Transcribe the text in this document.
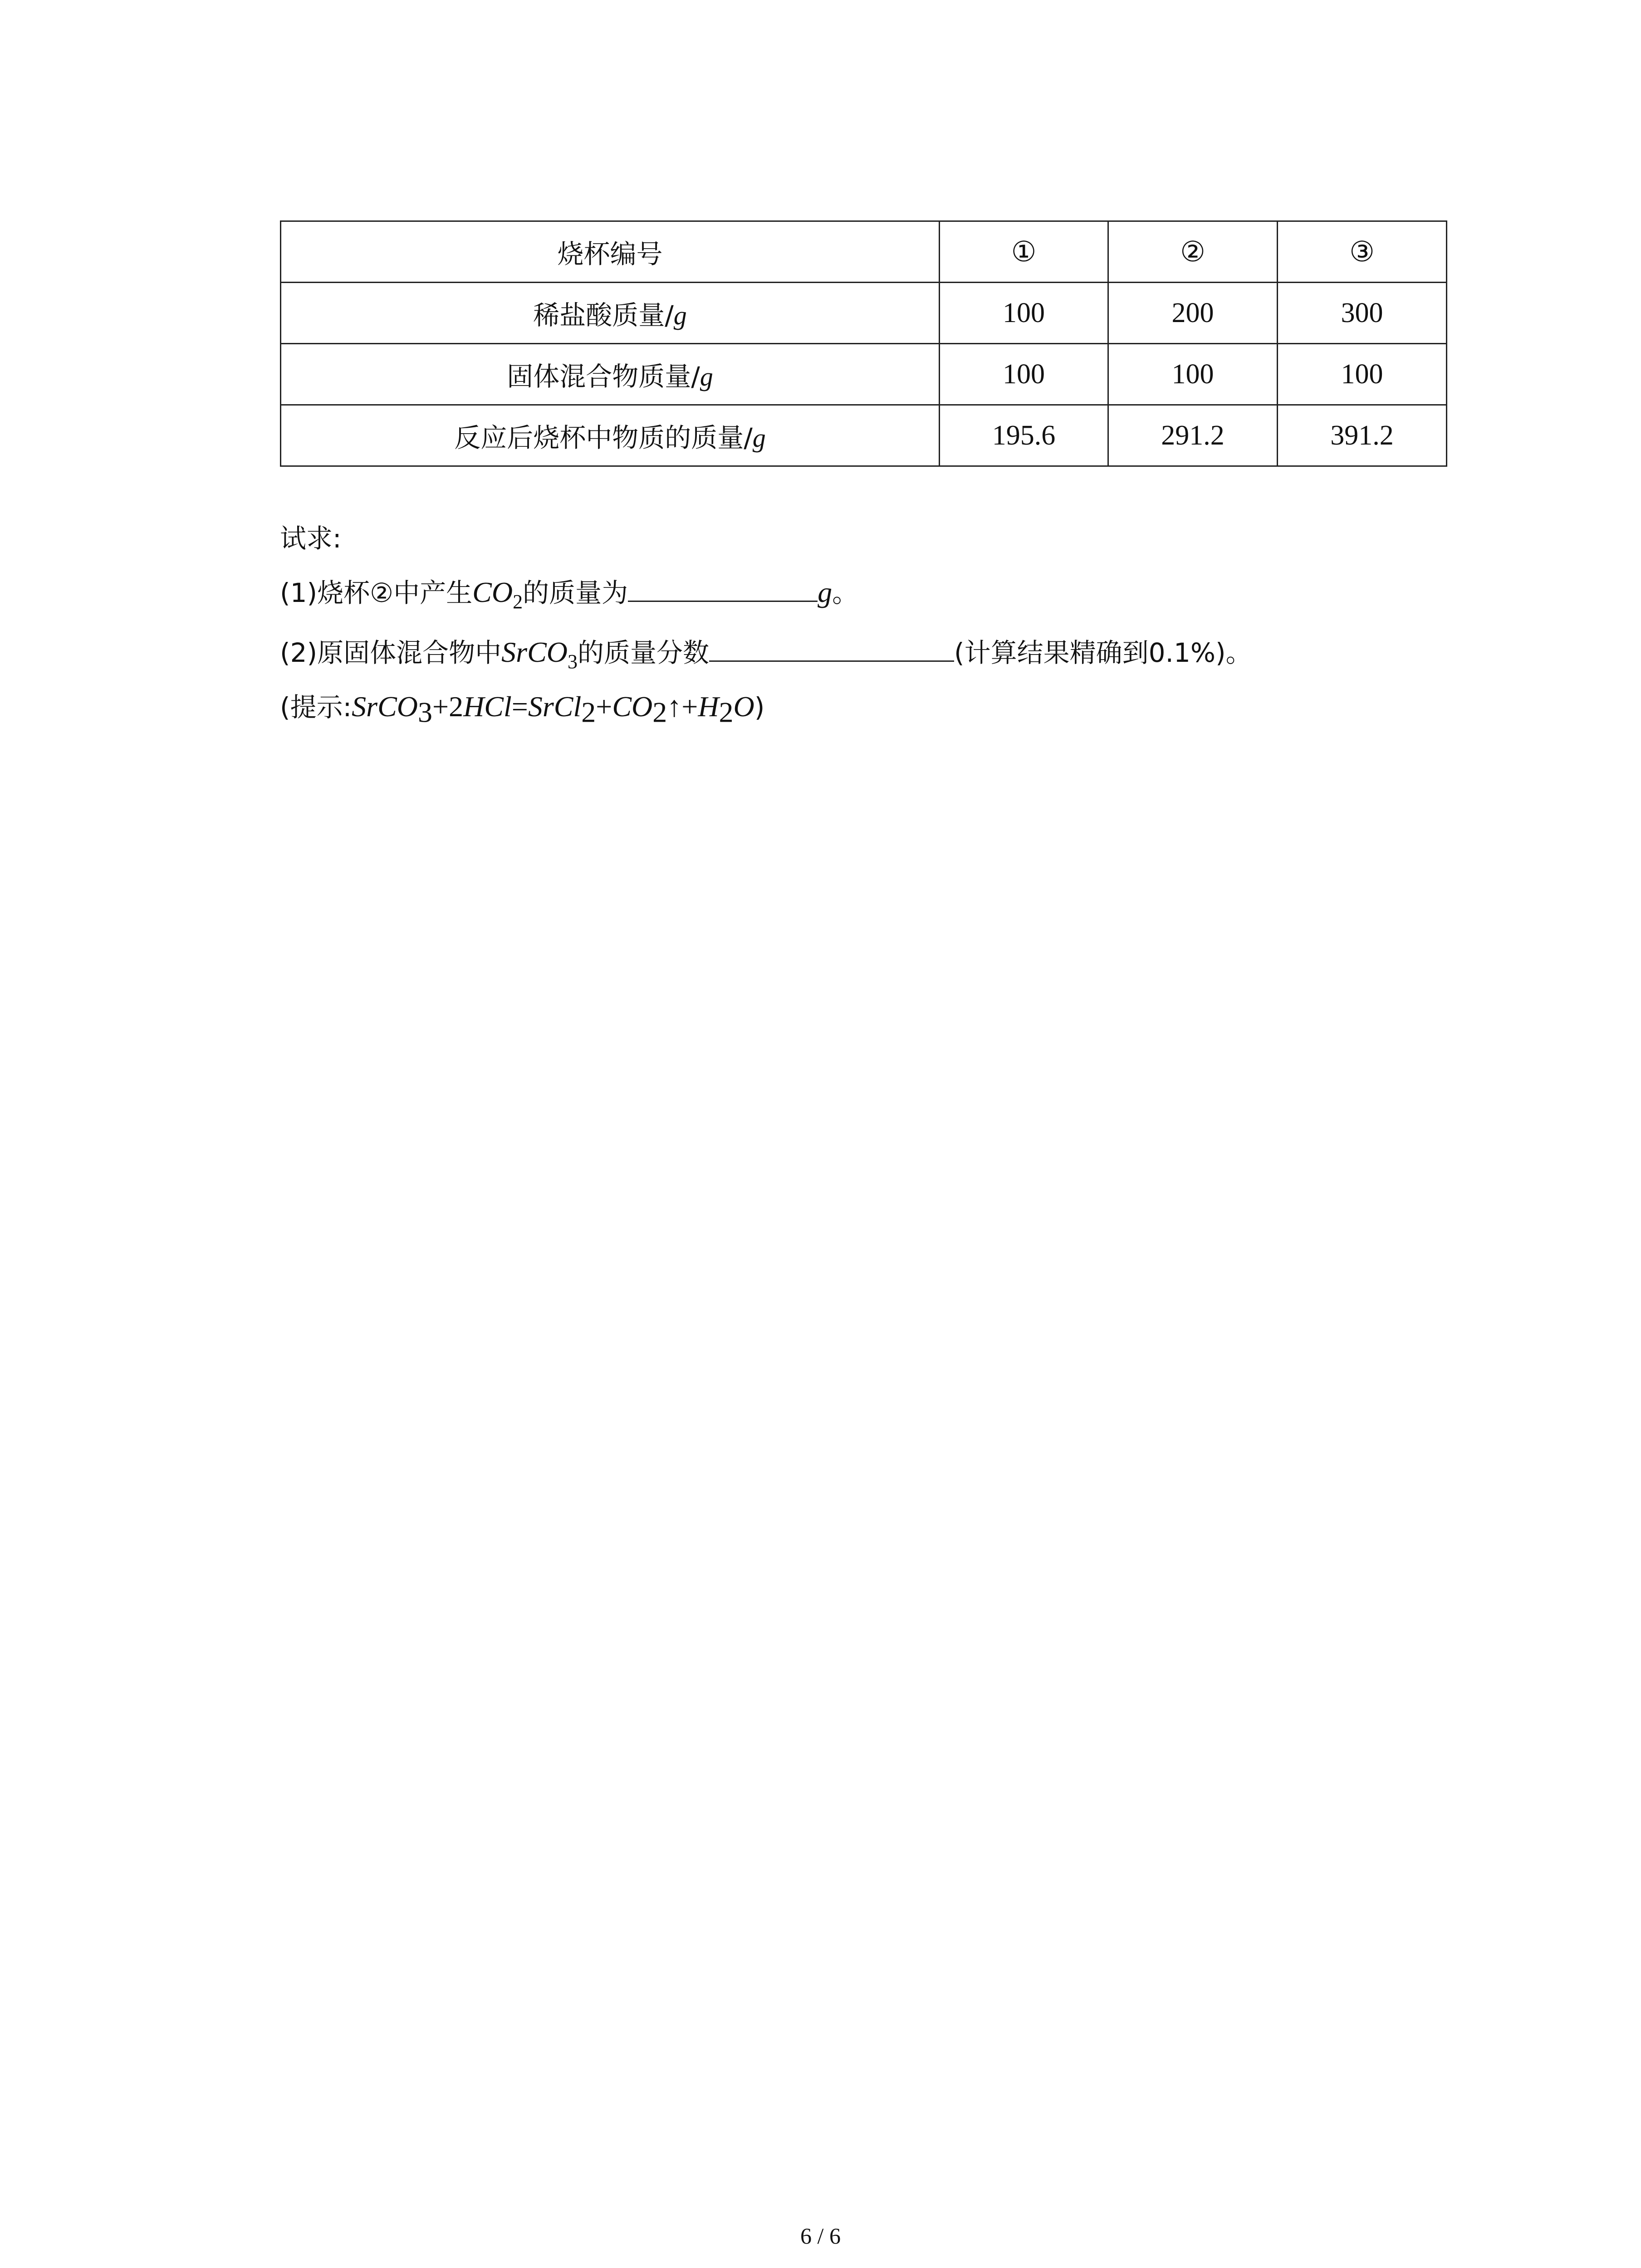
烧杯编号	①	②	③
稀盐酸质量/g	100	200	300
固体混合物质量/g	100	100	100
反应后烧杯中物质的质量/g	195.6	291.2	391.2
试求:
(1)烧杯②中产生$CO_2$的质量为	g。
(2)原固体混合物中SrCO$_3$的质量分数	(计算结果精确到0.1%)。
(提示$:SrCO_3+2HCl=SrCl_2+CO_2↑+H_2O$)
6 / 6
